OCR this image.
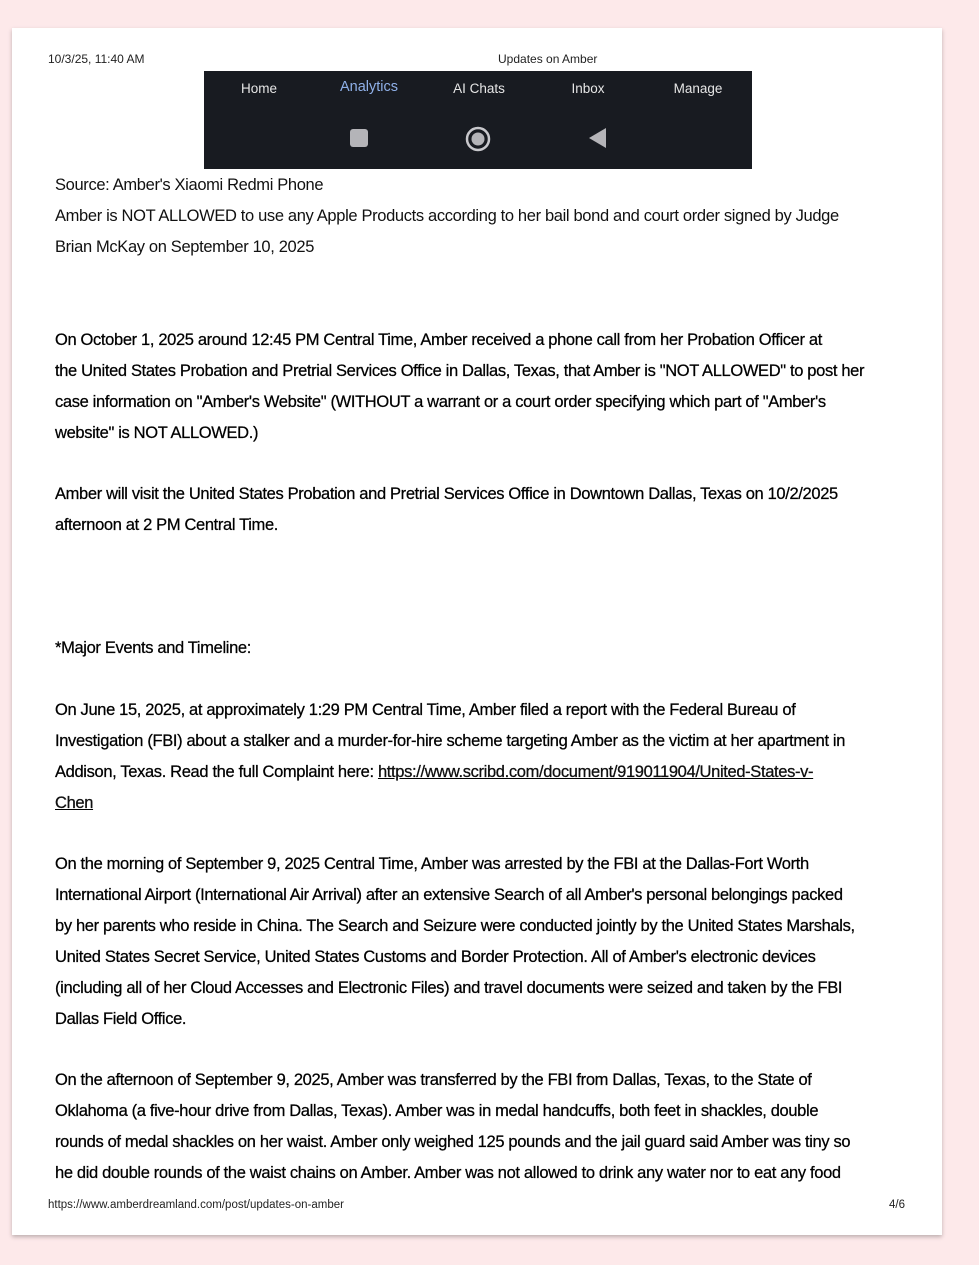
10/3/25, 11:40 AM	Updates on Amber
Home	Analytics	AI Chats	Inbox	Manage
Source: Amber's Xiaomi Redmi Phone
Amber is NOT ALLOWED to use any Apple Products according to her bail bond and court order signed by Judge
Brian McKay on September 10, 2025
On October 1, 2025 around 12:45 PM Central Time, Amber received a phone call from her Probation Officer at
the United States Probation and Pretrial Services Office in Dallas, Texas, that Amber is "NOT ALLOWED" to post her
case information on "Amber's Website" (WITHOUT a warrant or a court order specifying which part of "Amber's
website" is NOT ALLOWED.)
Amber will visit the United States Probation and Pretrial Services Office in Downtown Dallas, Texas on 10/2/2025
afternoon at 2 PM Central Time.
*Major Events and Timeline:
On June 15, 2025, at approximately 1:29 PM Central Time, Amber filed a report with the Federal Bureau of
Investigation (FBI) about a stalker and a murder-for-hire scheme targeting Amber as the victim at her apartment in
Addison, Texas. Read the full Complaint here: https://www.scribd.com/document/919011904/United-States-v-
Chen
On the morning of September 9, 2025 Central Time, Amber was arrested by the FBI at the Dallas-Fort Worth
International Airport (International Air Arrival) after an extensive Search of all Amber's personal belongings packed
by her parents who reside in China. The Search and Seizure were conducted jointly by the United States Marshals,
United States Secret Service, United States Customs and Border Protection. All of Amber's electronic devices
(including all of her Cloud Accesses and Electronic Files) and travel documents were seized and taken by the FBI
Dallas Field Office.
On the afternoon of September 9, 2025, Amber was transferred by the FBI from Dallas, Texas, to the State of
Oklahoma (a five-hour drive from Dallas, Texas). Amber was in medal handcuffs, both feet in shackles, double
rounds of medal shackles on her waist. Amber only weighed 125 pounds and the jail guard said Amber was tiny so
he did double rounds of the waist chains on Amber. Amber was not allowed to drink any water nor to eat any food
https://www.amberdreamland.com/post/updates-on-amber	4/6
